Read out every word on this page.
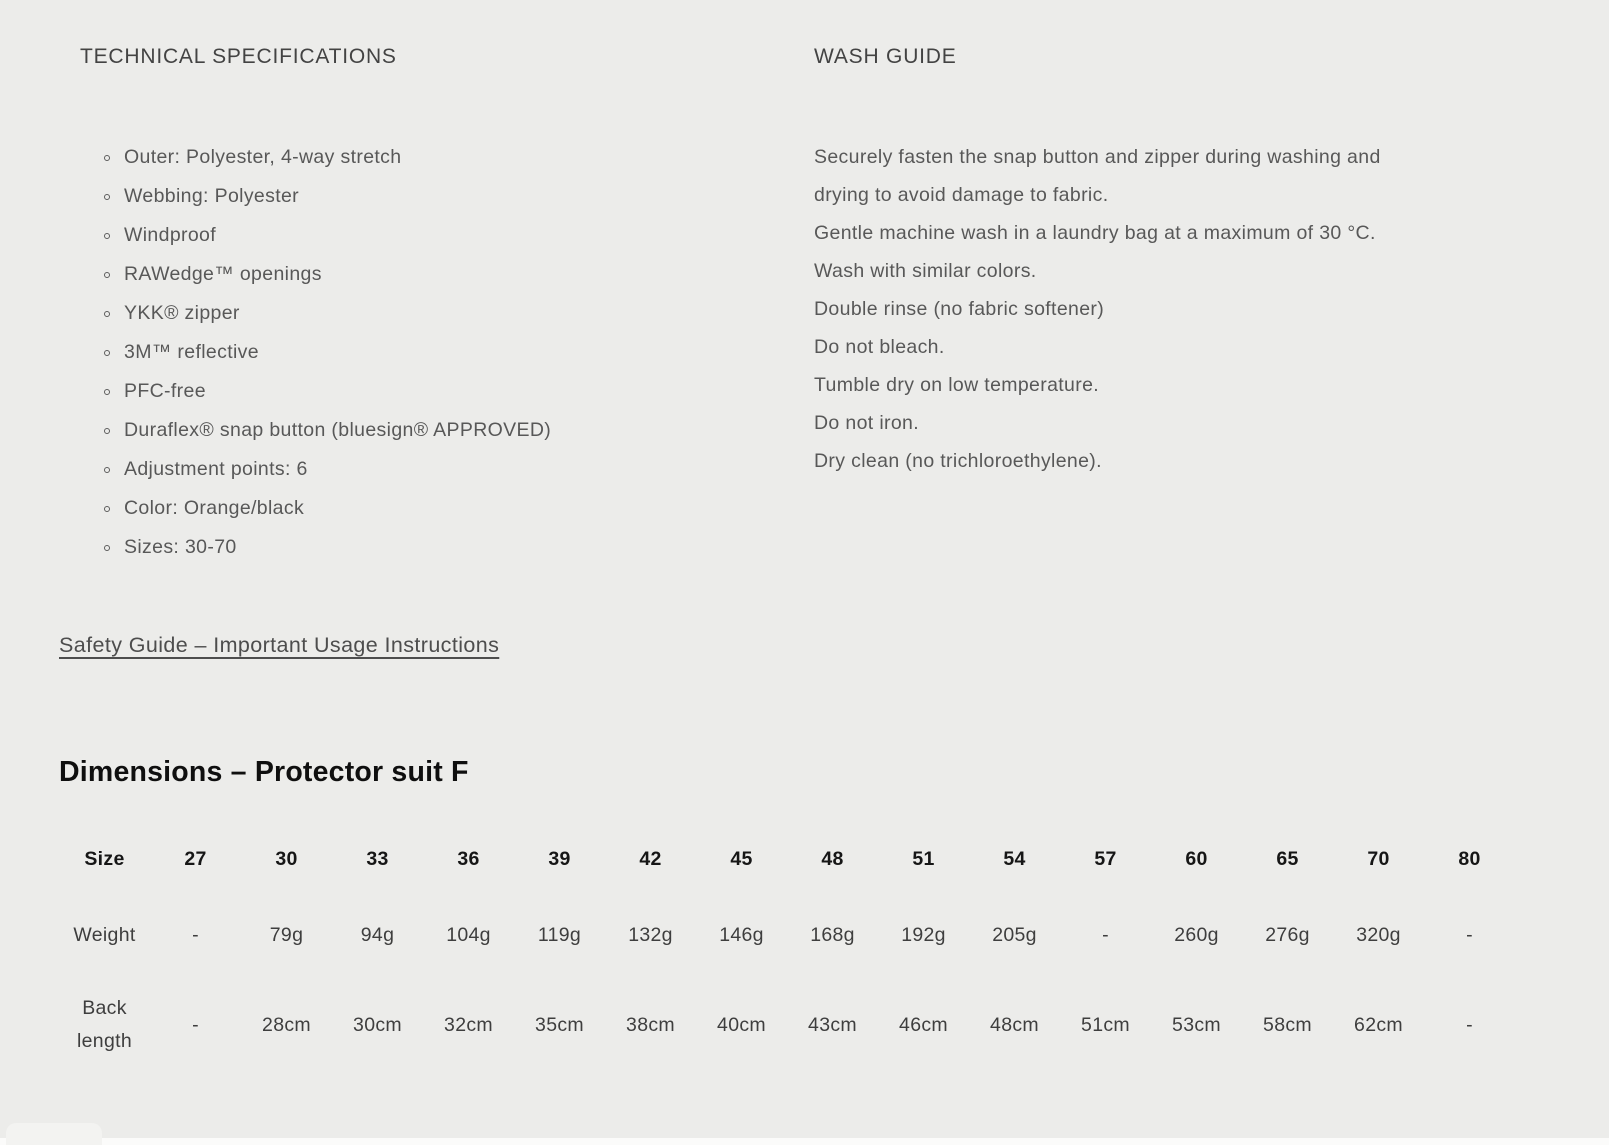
TECHNICAL SPECIFICATIONS	WASH GUIDE
Outer: Polyester, 4-way stretch
Webbing: Polyester
Windproof
RAWedge™ openings
YKK® zipper
3M™ reflective
PFC-free
Duraflex® snap button (bluesign® APPROVED)
Adjustment points: 6
Color: Orange/black
Sizes: 30-70
Securely fasten the snap button and zipper during washing and
drying to avoid damage to fabric.
Gentle machine wash in a laundry bag at a maximum of 30 °C.
Wash with similar colors.
Double rinse (no fabric softener)
Do not bleach.
Tumble dry on low temperature.
Do not iron.
Dry clean (no trichloroethylene).
Safety Guide – Important Usage Instructions
Dimensions – Protector suit F
Size	27	30	33	36	39	42	45	48	51	54	57	60	65	70	80
Weight	-	79g	94g	104g	119g	132g	146g	168g	192g	205g	-	260g	276g	320g	-
Back length	-	28cm	30cm	32cm	35cm	38cm	40cm	43cm	46cm	48cm	51cm	53cm	58cm	62cm	-
